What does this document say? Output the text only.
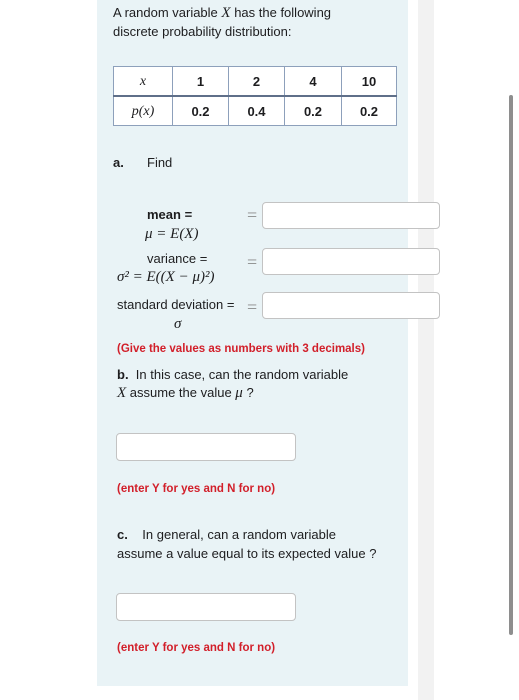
A random variable X has the following
discrete probability distribution:
x	1	2	4	10
p(x)	0.2	0.4	0.2	0.2
a. Find
mean =
μ = E(X)
=
variance =
σ² = E((X − μ)²)
=
standard deviation =
σ
=
(Give the values as numbers with 3 decimals)
b. In this case, can the random variable
X assume the value μ ?
(enter Y for yes and N for no)
c. In general, can a random variable
assume a value equal to its expected value ?
(enter Y for yes and N for no)
